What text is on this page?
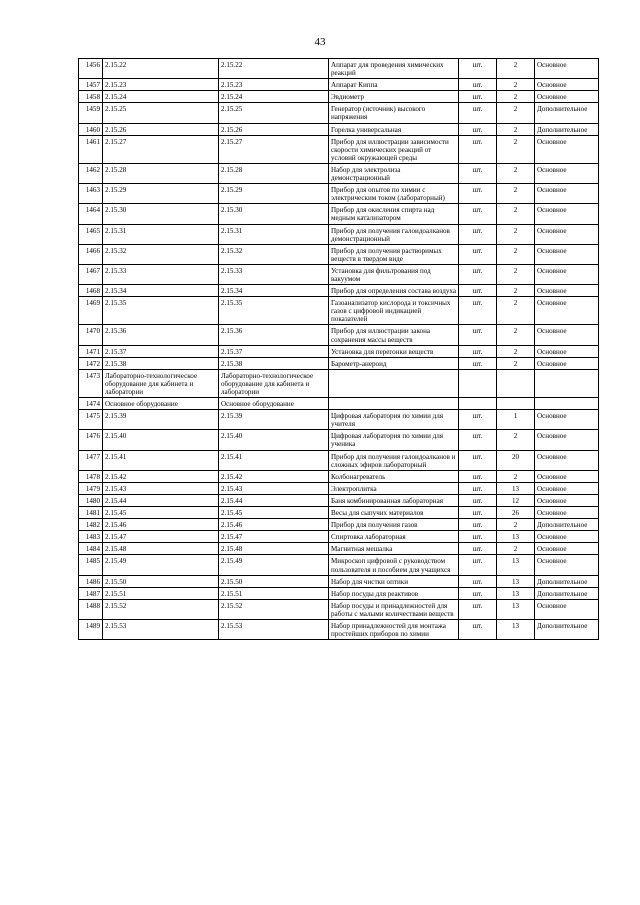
43
1456	2.15.22	2.15.22	Аппарат для проведения химических реакций	шт.	2	Основное
1457	2.15.23	2.15.23	Аппарат Киппа	шт.	2	Основное
1458	2.15.24	2.15.24	Эвдиометр	шт.	2	Основное
1459	2.15.25	2.15.25	Генератор (источник) высокого напряжения	шт.	2	Дополнительное
1460	2.15.26	2.15.26	Горелка универсальная	шт.	2	Дополнительное
1461	2.15.27	2.15.27	Прибор для иллюстрации зависимости скорости химических реакций от условий окружающей среды	шт.	2	Основное
1462	2.15.28	2.15.28	Набор для электролиза демонстрационный	шт.	2	Основное
1463	2.15.29	2.15.29	Прибор для опытов по химии с электрическим током (лабораторный)	шт.	2	Основное
1464	2.15.30	2.15.30	Прибор для окисления спирта над медным катализатором	шт.	2	Основное
1465	2.15.31	2.15.31	Прибор для получения галоидоалканов демонстрационный	шт.	2	Основное
1466	2.15.32	2.15.32	Прибор для получения растворимых веществ в твердом виде	шт.	2	Основное
1467	2.15.33	2.15.33	Установка для фильтрования под вакуумом	шт.	2	Основное
1468	2.15.34	2.15.34	Прибор для определения состава воздуха	шт.	2	Основное
1469	2.15.35	2.15.35	Газоанализатор кислорода и токсичных газов с цифровой индикацией показателей	шт.	2	Основное
1470	2.15.36	2.15.36	Прибор для иллюстрации закона сохранения массы веществ	шт.	2	Основное
1471	2.15.37	2.15.37	Установка для перегонки веществ	шт.	2	Основное
1472	2.15.38	2.15.38	Барометр-анероид	шт.	2	Основное
1473	Лабораторно-технологическое оборудование для кабинета и лаборатории	Лабораторно-технологическое оборудование для кабинета и лаборатории				
1474	Основное оборудование	Основное оборудование				
1475	2.15.39	2.15.39	Цифровая лаборатория по химии для учителя	шт.	1	Основное
1476	2.15.40	2.15.40	Цифровая лаборатория по химии для ученика	шт.	2	Основное
1477	2.15.41	2.15.41	Прибор для получения галоидоалканов и сложных эфиров лабораторный	шт.	20	Основное
1478	2.15.42	2.15.42	Колбонагреватель	шт.	2	Основное
1479	2.15.43	2.15.43	Электроплитка	шт.	13	Основное
1480	2.15.44	2.15.44	Баня комбинированная лабораторная	шт.	12	Основное
1481	2.15.45	2.15.45	Весы для сыпучих материалов	шт.	26	Основное
1482	2.15.46	2.15.46	Прибор для получения газов	шт.	2	Дополнительное
1483	2.15.47	2.15.47	Спиртовка лабораторная	шт.	13	Основное
1484	2.15.48	2.15.48	Магнитная мешалка	шт.	2	Основное
1485	2.15.49	2.15.49	Микроскоп цифровой с руководством пользователя и пособием для учащихся	шт.	13	Основное
1486	2.15.50	2.15.50	Набор для чистки оптики	шт.	13	Дополнительное
1487	2.15.51	2.15.51	Набор посуды для реактивов	шт.	13	Дополнительное
1488	2.15.52	2.15.52	Набор посуды и принадлежностей для работы с малыми количествами веществ	шт.	13	Основное
1489	2.15.53	2.15.53	Набор принадлежностей для монтажа простейших приборов по химии	шт.	13	Дополнительное
